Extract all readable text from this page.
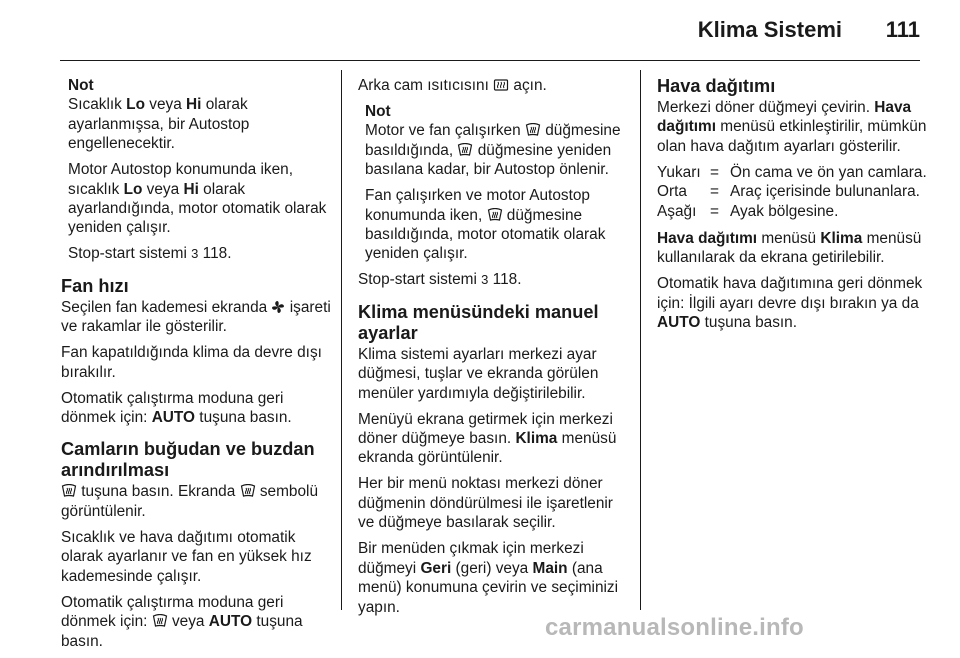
Klima Sistemi 111

Not

Sıcaklık Lo veya Hi olarak ayarlanmışsa, bir Autostop engellenecektir.

Motor Autostop konumunda iken, sıcaklık Lo veya Hi olarak ayarlandığında, motor otomatik olarak yeniden çalışır.

Stop-start sistemi 3 118.

Fan hızı

Seçilen fan kademesi ekranda  işareti ve rakamlar ile gösterilir.

Fan kapatıldığında klima da devre dışı bırakılır.

Otomatik çalıştırma moduna geri dönmek için: AUTO tuşuna basın.

Camların buğudan ve buzdan arındırılması

tuşuna basın. Ekranda  sembolü görüntülenir.

Sıcaklık ve hava dağıtımı otomatik olarak ayarlanır ve fan en yüksek hız kademesinde çalışır.

Otomatik çalıştırma moduna geri dönmek için:  veya AUTO tuşuna basın.

Arka cam ısıtıcısını  açın.

Not

Motor ve fan çalışırken  düğmesine basıldığında,  düğmesine yeniden basılana kadar, bir Autostop önlenir.

Fan çalışırken ve motor Autostop konumunda iken,  düğmesine basıldığında, motor otomatik olarak yeniden çalışır.

Stop-start sistemi 3 118.

Klima menüsündeki manuel ayarlar

Klima sistemi ayarları merkezi ayar düğmesi, tuşlar ve ekranda görülen menüler yardımıyla değiştirilebilir.

Menüyü ekrana getirmek için merkezi döner düğmeye basın. Klima menüsü ekranda görüntülenir.

Her bir menü noktası merkezi döner düğmenin döndürülmesi ile işaretlenir ve düğmeye basılarak seçilir.

Bir menüden çıkmak için merkezi düğmeyi Geri (geri) veya Main (ana menü) konumuna çevirin ve seçiminizi yapın.

Hava dağıtımı

Merkezi döner düğmeyi çevirin. Hava dağıtımı menüsü etkinleştirilir, mümkün olan hava dağıtım ayarları gösterilir.

Yukarı	=	Ön cama ve ön yan camlara.
Orta	=	Araç içerisinde bulunanlara.
Aşağı	=	Ayak bölgesine.

Hava dağıtımı menüsü Klima menüsü kullanılarak da ekrana getirilebilir.

Otomatik hava dağıtımına geri dönmek için: İlgili ayarı devre dışı bırakın ya da AUTO tuşuna basın.

carmanualsonline.info
